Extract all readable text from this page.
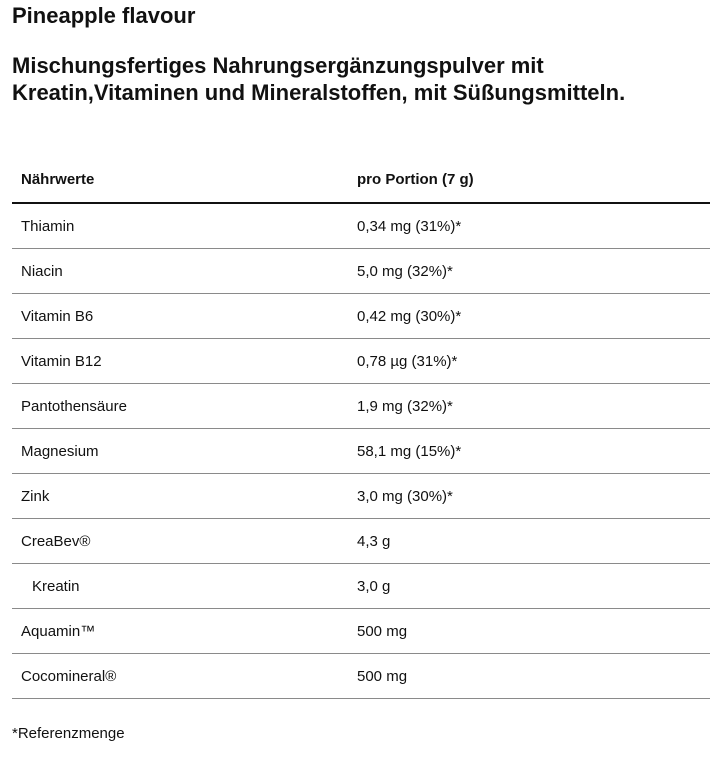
Pineapple flavour
Mischungsfertiges Nahrungsergänzungspulver mit Kreatin,Vitaminen und Mineralstoffen, mit Süßungsmitteln.
Nährwerte	pro Portion (7 g)
Thiamin	0,34 mg (31%)*
Niacin	5,0 mg (32%)*
Vitamin B6	0,42 mg (30%)*
Vitamin B12	0,78 µg (31%)*
Pantothensäure	1,9 mg (32%)*
Magnesium	58,1 mg (15%)*
Zink	3,0 mg (30%)*
CreaBev®	4,3 g
Kreatin	3,0 g
Aquamin™	500 mg
Cocomineral®	500 mg

*Referenzmenge
